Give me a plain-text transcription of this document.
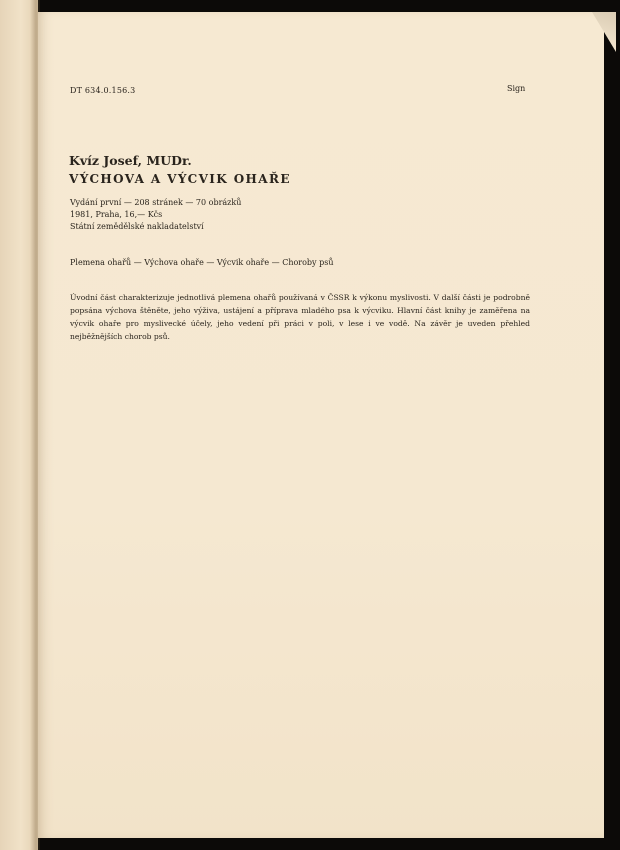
DT 634.0.156.3	Sign
Kvíz Josef, MUDr.
VÝCHOVA A VÝCVIK OHAŘE
Vydání první — 208 stránek — 70 obrázků
1981, Praha, 16,— Kčs
Státní zemědělské nakladatelství
Plemena ohařů — Výchova ohaře — Výcvik ohaře — Choroby psů
Úvodní část charakterizuje jednotlivá plemena ohařů používaná v ČSSR k výkonu myslivosti. V další části je podrobně popsána výchova štěněte, jeho výživa, ustájení a příprava mladého psa k výcviku. Hlavní část knihy je zaměřena na výcvik ohaře pro myslivecké účely, jeho vedení při práci v poli, v lese i ve vodě. Na závěr je uveden přehled nejběžnějších chorob psů.
